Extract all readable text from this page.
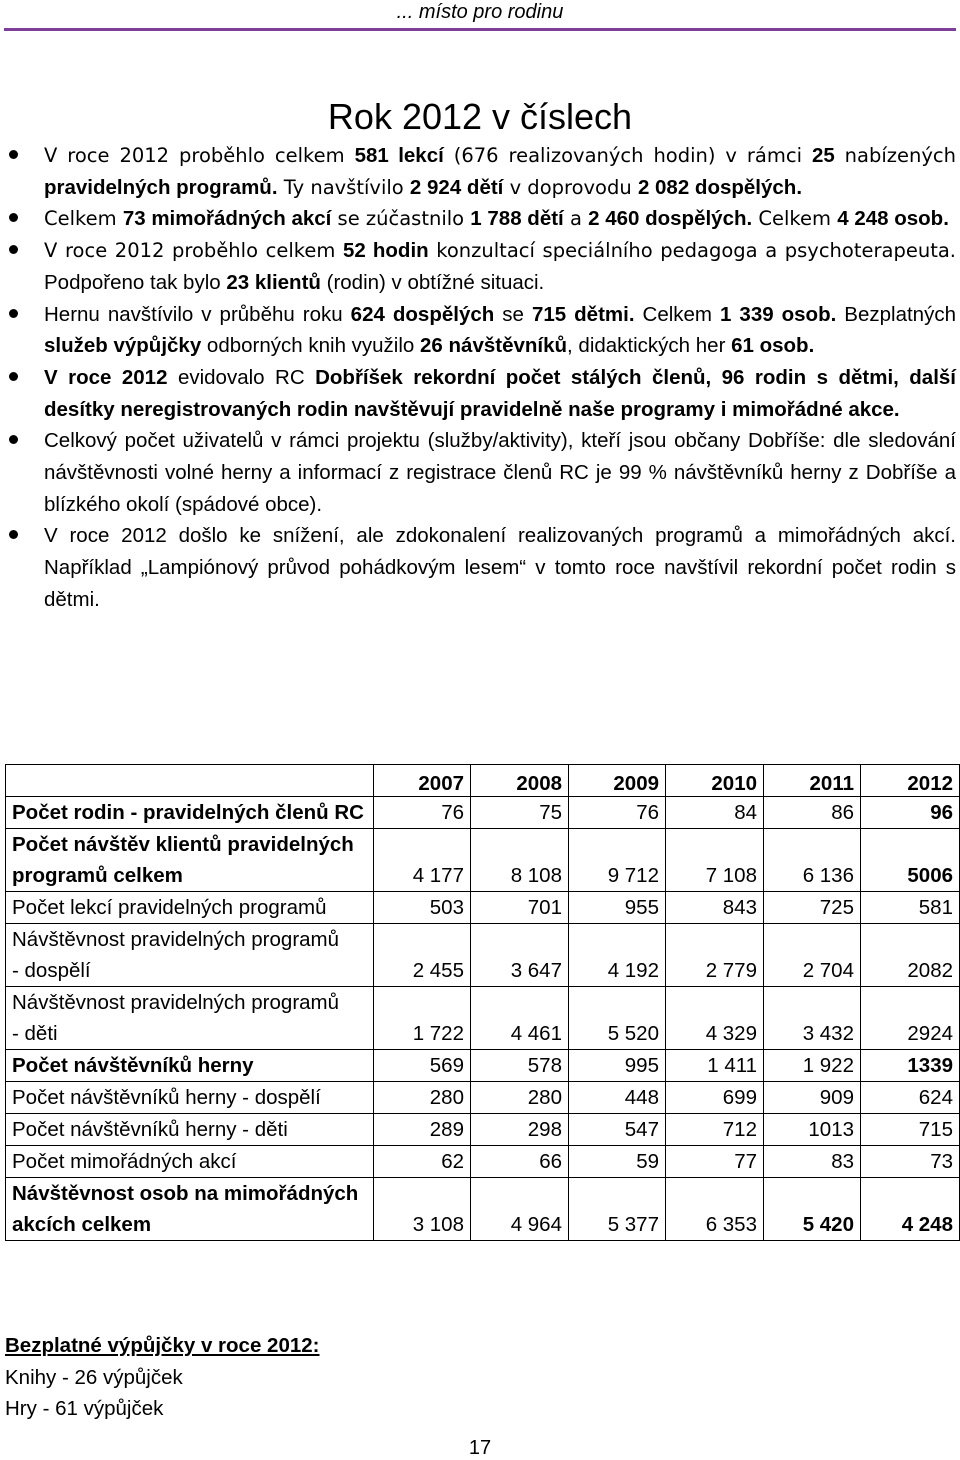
... místo pro rodinu
Rok 2012 v číslech
V roce 2012 proběhlo celkem 581 lekcí (676 realizovaných hodin) v rámci 25 nabízených pravidelných programů. Ty navštívilo 2 924 dětí v doprovodu 2 082 dospělých.
Celkem 73 mimořádných akcí se zúčastnilo 1 788 dětí a 2 460 dospělých. Celkem 4 248 osob.
V roce 2012 proběhlo celkem 52 hodin konzultací speciálního pedagoga a psychoterapeuta. Podpořeno tak bylo 23 klientů (rodin) v obtížné situaci.
Hernu navštívilo v průběhu roku 624 dospělých se 715 dětmi. Celkem 1 339 osob. Bezplatných služeb výpůjčky odborných knih využilo 26 návštěvníků, didaktických her 61 osob.
V roce 2012 evidovalo RC Dobříšek rekordní počet stálých členů, 96 rodin s dětmi, další desítky neregistrovaných rodin navštěvují pravidelně naše programy i mimořádné akce.
Celkový počet uživatelů v rámci projektu (služby/aktivity), kteří jsou občany Dobříše: dle sledování návštěvnosti volné herny a informací z registrace členů RC je 99 % návštěvníků herny z Dobříše a blízkého okolí (spádové obce).
V roce 2012 došlo ke snížení, ale zdokonalení realizovaných programů a mimořádných akcí. Například „Lampiónový průvod pohádkovým lesem“ v tomto roce navštívil rekordní počet rodin s dětmi.
	2007	2008	2009	2010	2011	2012
Počet rodin - pravidelných členů RC	76	75	76	84	86	96
Počet návštěv klientů pravidelných programů celkem	4 177	8 108	9 712	7 108	6 136	5006
Počet lekcí pravidelných programů	503	701	955	843	725	581
Návštěvnost pravidelných programů    - dospělí	2 455	3 647	4 192	2 779	2 704	2082
Návštěvnost pravidelných programů    - děti	1 722	4 461	5 520	4 329	3 432	2924
Počet návštěvníků herny	569	578	995	1 411	1 922	1339
Počet návštěvníků herny - dospělí	280	280	448	699	909	624
Počet návštěvníků herny - děti	289	298	547	712	1013	715
Počet mimořádných akcí	62	66	59	77	83	73
Návštěvnost osob na mimořádných akcích celkem	3 108	4 964	5 377	6 353	5 420	4 248
Bezplatné výpůjčky v roce 2012:
Knihy - 26 výpůjček
Hry - 61 výpůjček
17
